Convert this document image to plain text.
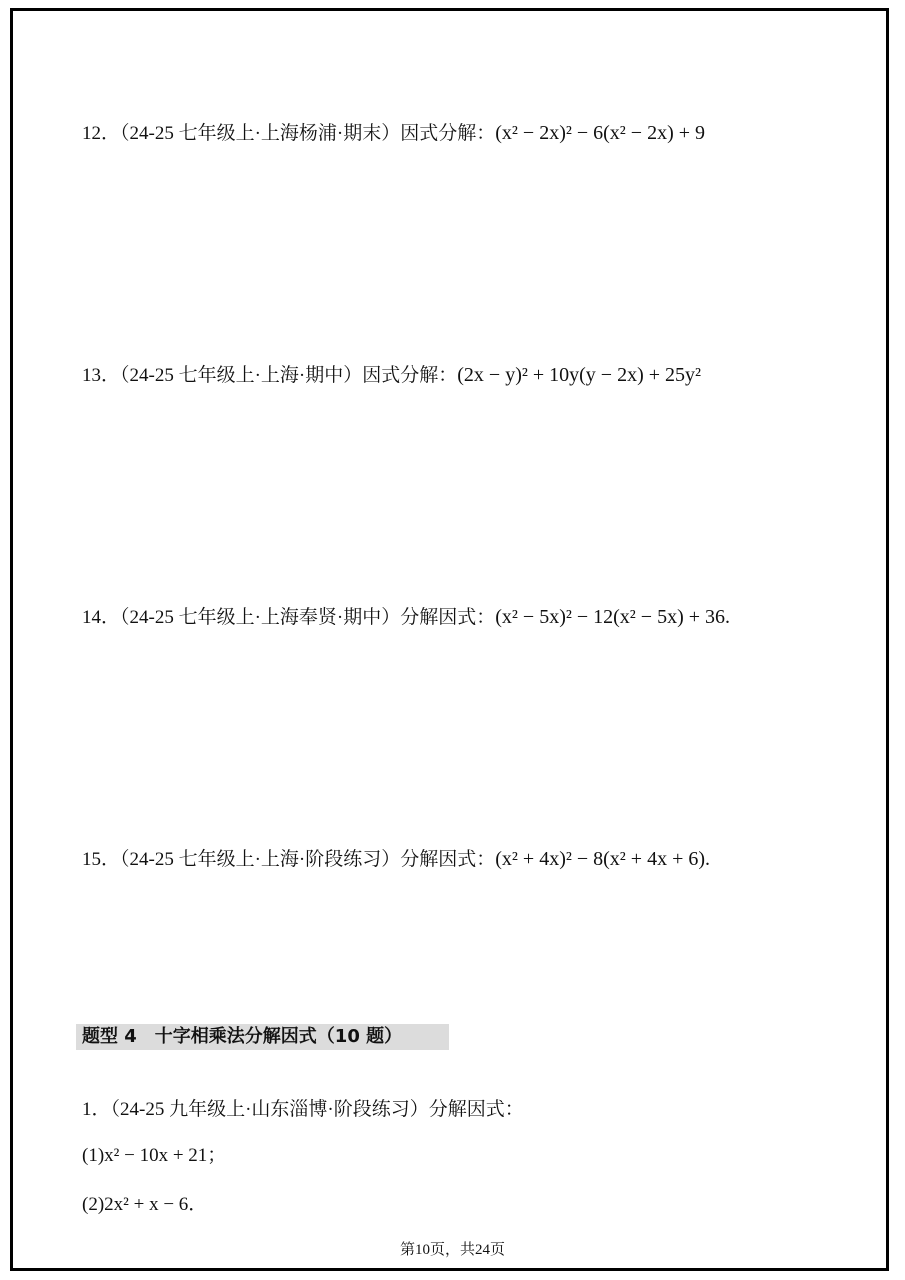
12．（24-25 七年级上·上海杨浦·期末）因式分解：(x² − 2x)² − 6(x² − 2x) + 9
13．（24-25 七年级上·上海·期中）因式分解：(2x − y)² + 10y(y − 2x) + 25y²
14．（24-25 七年级上·上海奉贤·期中）分解因式：(x² − 5x)² − 12(x² − 5x) + 36.
15．（24-25 七年级上·上海·阶段练习）分解因式：(x² + 4x)² − 8(x² + 4x + 6).
题型 4　十字相乘法分解因式（10 题）
1．（24-25 九年级上·山东淄博·阶段练习）分解因式：
(1)x² − 10x + 21；
(2)2x² + x − 6．
第10页，共24页
